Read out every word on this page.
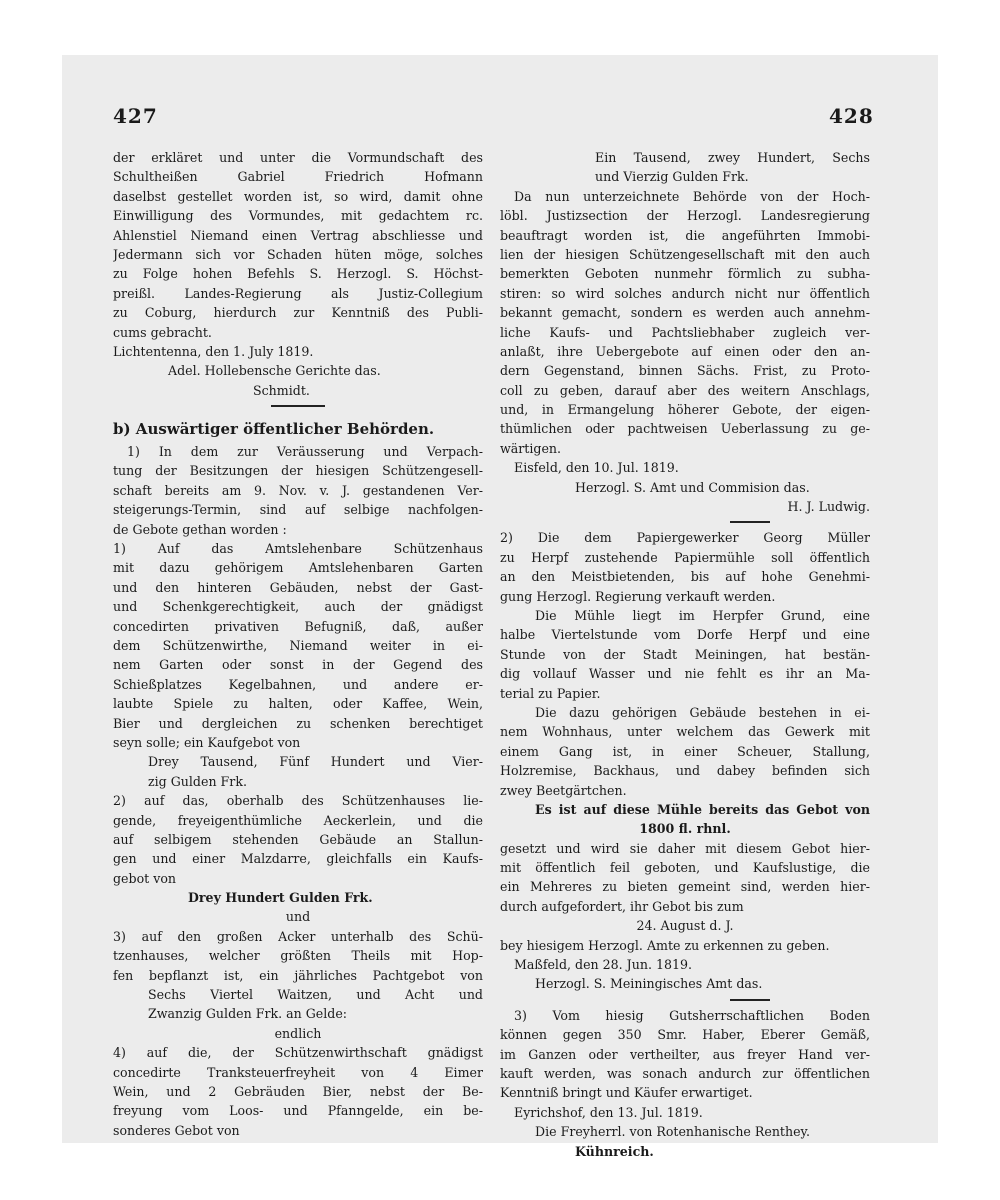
427	428
der erkläret und unter die Vormundschaft des
Schultheißen Gabriel Friedrich Hofmann
daselbst gestellet worden ist, so wird, damit ohne
Einwilligung des Vormundes, mit gedachtem rc.
Ahlenstiel Niemand einen Vertrag abschliesse und
Jedermann sich vor Schaden hüten möge, solches
zu Folge hohen Befehls S. Herzogl. S. Höchst-
preißl. Landes-Regierung als Justiz-Collegium
zu Coburg, hierdurch zur Kenntniß des Publi-
cums gebracht.
Lichtentenna, den 1. July 1819.
Adel. Hollebensche Gerichte das.
Schmidt.
b) Auswärtiger öffentlicher Behörden.
1) In dem zur Veräusserung und Verpach-
tung der Besitzungen der hiesigen Schützengesell-
schaft bereits am 9. Nov. v. J. gestandenen Ver-
steigerungs-Termin, sind auf selbige nachfolgen-
de Gebote gethan worden :
1) Auf das Amtslehenbare Schützenhaus
mit dazu gehörigem Amtslehenbaren Garten
und den hinteren Gebäuden, nebst der Gast-
und Schenkgerechtigkeit, auch der gnädigst
concedirten privativen Befugniß, daß, außer
dem Schützenwirthe, Niemand weiter in ei-
nem Garten oder sonst in der Gegend des
Schießplatzes Kegelbahnen, und andere er-
laubte Spiele zu halten, oder Kaffee, Wein,
Bier und dergleichen zu schenken berechtiget
seyn solle; ein Kaufgebot von
Drey Tausend, Fünf Hundert und Vier-
zig Gulden Frk.
2) auf das, oberhalb des Schützenhauses lie-
gende, freyeigenthümliche Aeckerlein, und die
auf selbigem stehenden Gebäude an Stallun-
gen und einer Malzdarre, gleichfalls ein Kaufs-
gebot von
Drey Hundert Gulden Frk.
und
3) auf den großen Acker unterhalb des Schü-
tzenhauses, welcher größten Theils mit Hop-
fen bepflanzt ist, ein jährliches Pachtgebot von
Sechs Viertel Waitzen, und Acht und
Zwanzig Gulden Frk. an Gelde:
endlich
4) auf die, der Schützenwirthschaft gnädigst
concedirte Tranksteuerfreyheit von 4 Eimer
Wein, und 2 Gebräuden Bier, nebst der Be-
freyung vom Loos- und Pfanngelde, ein be-
sonderes Gebot von
Ein Tausend, zwey Hundert, Sechs
und Vierzig Gulden Frk.
Da nun unterzeichnete Behörde von der Hoch-
löbl. Justizsection der Herzogl. Landesregierung
beauftragt worden ist, die angeführten Immobi-
lien der hiesigen Schützengesellschaft mit den auch
bemerkten Geboten nunmehr förmlich zu subha-
stiren: so wird solches andurch nicht nur öffentlich
bekannt gemacht, sondern es werden auch annehm-
liche Kaufs- und Pachtsliebhaber zugleich ver-
anlaßt, ihre Uebergebote auf einen oder den an-
dern Gegenstand, binnen Sächs. Frist, zu Proto-
coll zu geben, darauf aber des weitern Anschlags,
und, in Ermangelung höherer Gebote, der eigen-
thümlichen oder pachtweisen Ueberlassung zu ge-
wärtigen.
Eisfeld, den 10. Jul. 1819.
Herzogl. S. Amt und Commision das.
H. J. Ludwig.
2) Die dem Papiergewerker Georg Müller
zu Herpf zustehende Papiermühle soll öffentlich
an den Meistbietenden, bis auf hohe Genehmi-
gung Herzogl. Regierung verkauft werden.
Die Mühle liegt im Herpfer Grund, eine
halbe Viertelstunde vom Dorfe Herpf und eine
Stunde von der Stadt Meiningen, hat bestän-
dig vollauf Wasser und nie fehlt es ihr an Ma-
terial zu Papier.
Die dazu gehörigen Gebäude bestehen in ei-
nem Wohnhaus, unter welchem das Gewerk mit
einem Gang ist, in einer Scheuer, Stallung,
Holzremise, Backhaus, und dabey befinden sich
zwey Beetgärtchen.
Es ist auf diese Mühle bereits das Gebot von
1800 fl. rhnl.
gesetzt und wird sie daher mit diesem Gebot hier-
mit öffentlich feil geboten, und Kaufslustige, die
ein Mehreres zu bieten gemeint sind, werden hier-
durch aufgefordert, ihr Gebot bis zum
24. August d. J.
bey hiesigem Herzogl. Amte zu erkennen zu geben.
Maßfeld, den 28. Jun. 1819.
Herzogl. S. Meiningisches Amt das.
3) Vom hiesig Gutsherrschaftlichen Boden
können gegen 350 Smr. Haber, Eberer Gemäß,
im Ganzen oder vertheilter, aus freyer Hand ver-
kauft werden, was sonach andurch zur öffentlichen
Kenntniß bringt und Käufer erwartiget.
Eyrichshof, den 13. Jul. 1819.
Die Freyherrl. von Rotenhanische Renthey.
Kühnreich.
